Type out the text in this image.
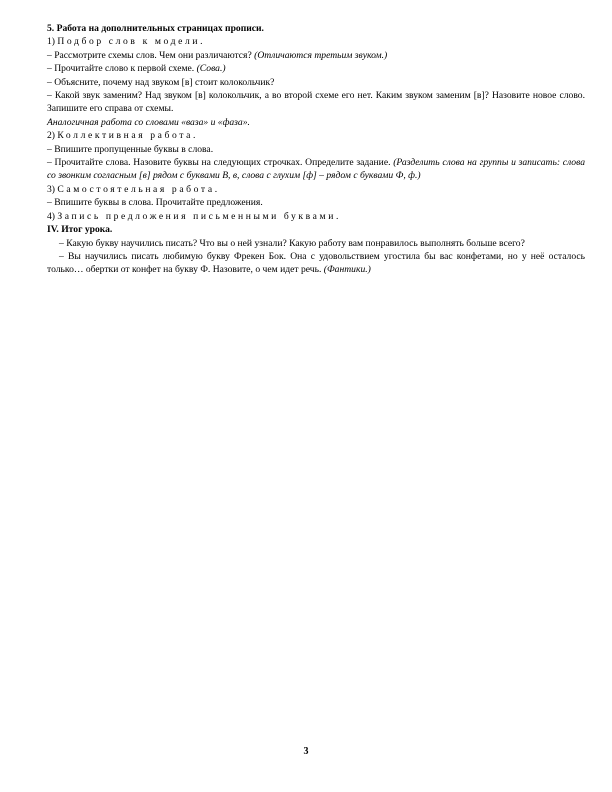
5. Работа на дополнительных страницах прописи.

1) Подбор слов к модели.

– Рассмотрите схемы слов. Чем они различаются? (Отличаются третьим звуком.)

– Прочитайте слово к первой схеме. (Сова.)

– Объясните, почему над звуком [в] стоит колокольчик?

– Какой звук заменим? Над звуком [в] колокольчик, а во второй схеме его нет. Каким звуком заменим [в]? Назовите новое слово. Запишите его справа от схемы.

Аналогичная работа со словами «ваза» и «фаза».

2) Коллективная работа.

– Впишите пропущенные буквы в слова.

– Прочитайте слова. Назовите буквы на следующих строчках. Определите задание. (Разделить слова на группы и записать: слова со звонким согласным [в] рядом с буквами В, в, слова с глухим [ф] – рядом с буквами Ф, ф.)

3) Самостоятельная работа.

– Впишите буквы в слова. Прочитайте предложения.

4) Запись предложения письменными буквами.

IV. Итог урока.

– Какую букву научились писать? Что вы о ней узнали? Какую работу вам понравилось выполнять больше всего?

– Вы научились писать любимую букву Фрекен Бок. Она с удовольствием угостила бы вас конфетами, но у неё осталось только… обертки от конфет на букву Ф. Назовите, о чем идет речь. (Фантики.)

3
